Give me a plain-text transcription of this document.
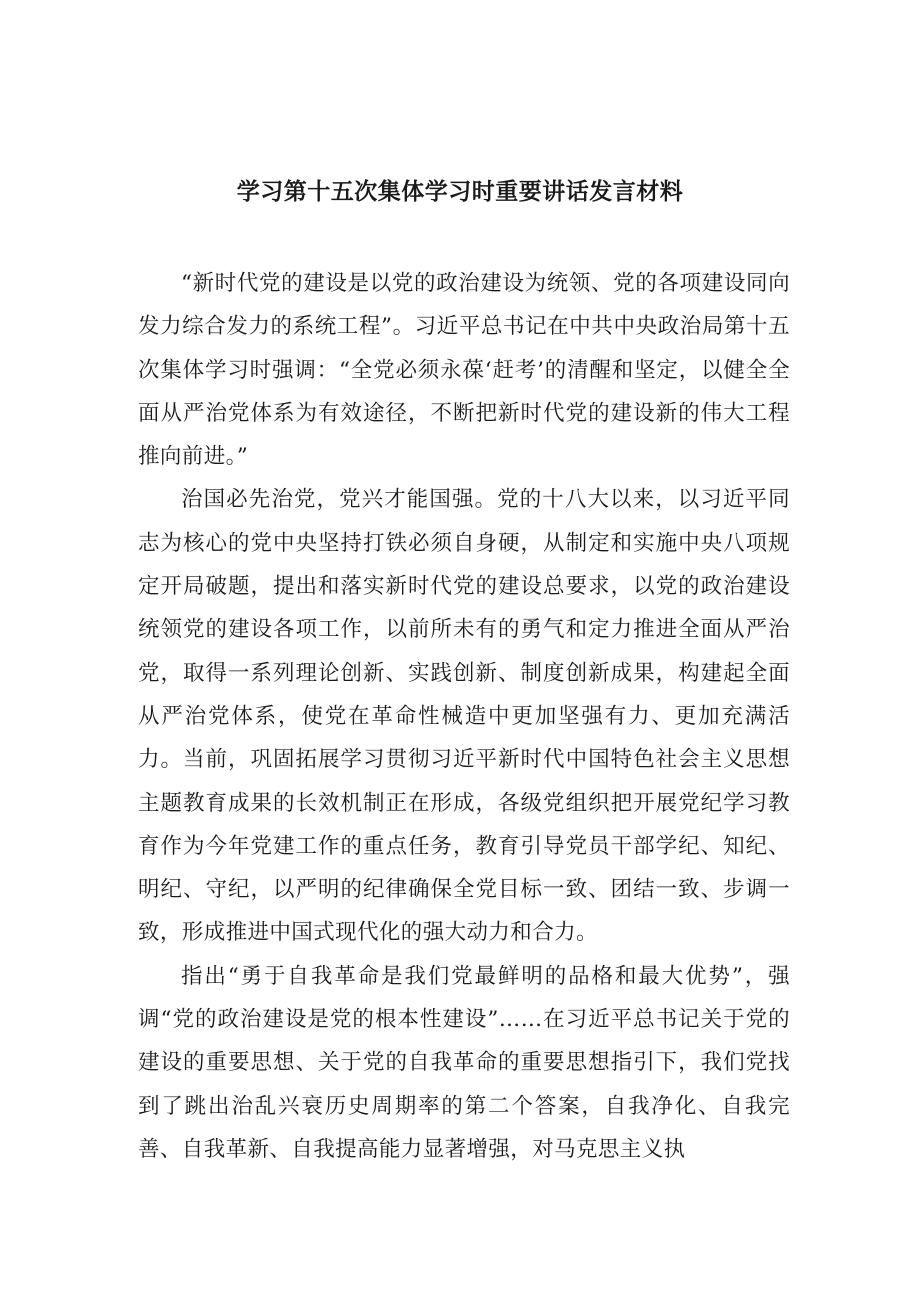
学习第十五次集体学习时重要讲话发言材料

“新时代党的建设是以党的政治建设为统领、党的各项建设同向发力综合发力的系统工程”。习近平总书记在中共中央政治局第十五次集体学习时强调：“全党必须永葆‘赶考’的清醒和坚定，以健全全面从严治党体系为有效途径，不断把新时代党的建设新的伟大工程推向前进。”

治国必先治党，党兴才能国强。党的十八大以来，以习近平同志为核心的党中央坚持打铁必须自身硬，从制定和实施中央八项规定开局破题，提出和落实新时代党的建设总要求，以党的政治建设统领党的建设各项工作，以前所未有的勇气和定力推进全面从严治党，取得一系列理论创新、实践创新、制度创新成果，构建起全面从严治党体系，使党在革命性械造中更加坚强有力、更加充满活力。当前，巩固拓展学习贯彻习近平新时代中国特色社会主义思想主题教育成果的长效机制正在形成，各级党组织把开展党纪学习教育作为今年党建工作的重点任务，教育引导党员干部学纪、知纪、明纪、守纪，以严明的纪律确保全党目标一致、团结一致、步调一致，形成推进中国式现代化的强大动力和合力。

指出“勇于自我革命是我们党最鲜明的品格和最大优势”，强调“党的政治建设是党的根本性建设”……在习近平总书记关于党的建设的重要思想、关于党的自我革命的重要思想指引下，我们党找到了跳出治乱兴衰历史周期率的第二个答案，自我净化、自我完善、自我革新、自我提高能力显著增强，对马克思主义执
